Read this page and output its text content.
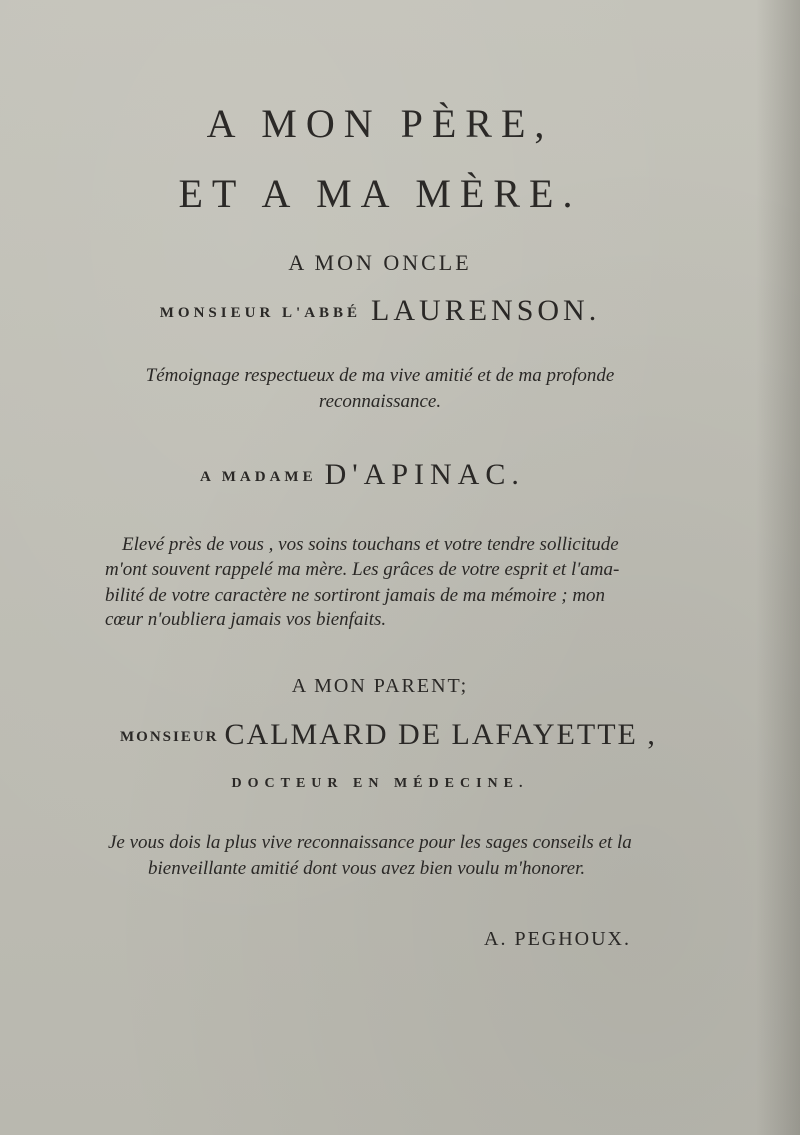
A MON PÈRE,
ET A MA MÈRE.
A MON ONCLE
MONSIEUR L'ABBÉ LAURENSON.
Témoignage respectueux de ma vive amitié et de ma profonde
reconnaissance.
A MADAME D'APINAC.
Elevé près de vous , vos soins touchans et votre tendre sollicitude
m'ont souvent rappelé ma mère. Les grâces de votre esprit et l'ama-
bilité de votre caractère ne sortiront jamais de ma mémoire ; mon
cœur n'oubliera jamais vos bienfaits.
A MON PARENT;
MONSIEUR CALMARD DE LAFAYETTE ,
DOCTEUR EN MÉDECINE.
Je vous dois la plus vive reconnaissance pour les sages conseils et la
bienveillante amitié dont vous avez bien voulu m'honorer.
A. PEGHOUX.
